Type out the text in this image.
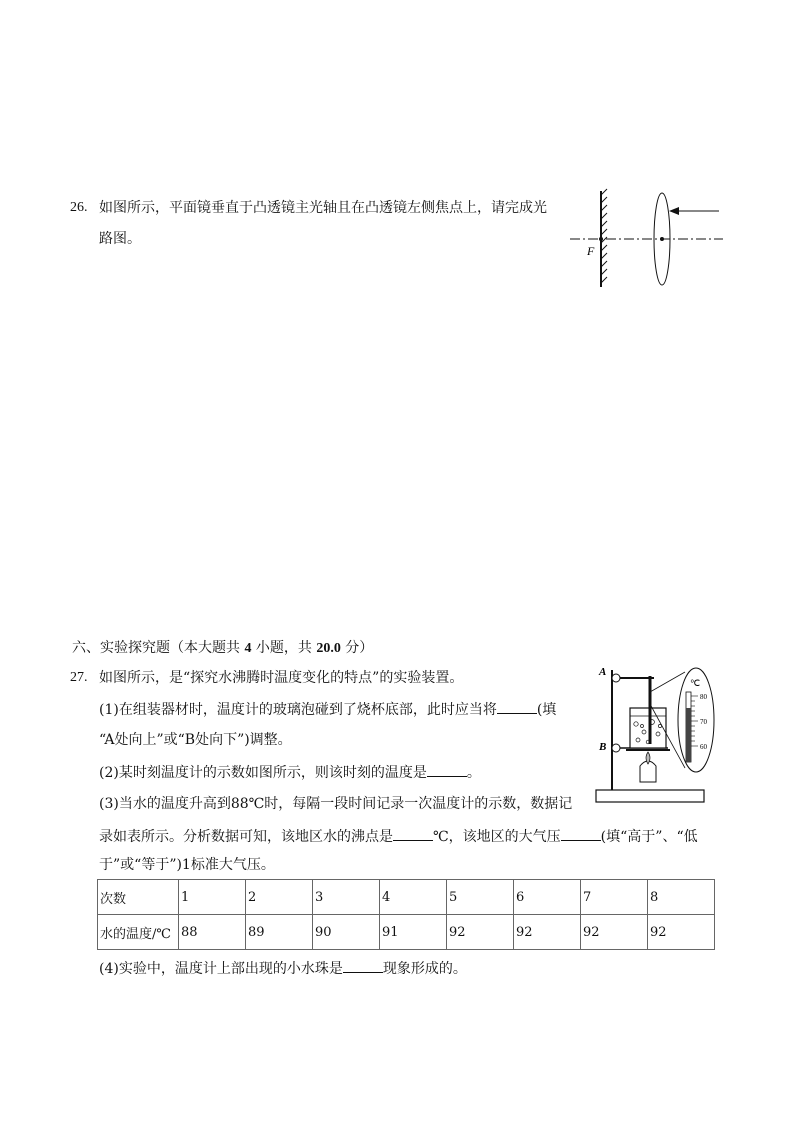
26. 如图所示，平面镜垂直于凸透镜主光轴且在凸透镜左侧焦点上，请完成光
路图。
F
六、实验探究题（本大题共 4 小题，共 20.0 分）
27. 如图所示，是“探究水沸腾时温度变化的特点”的实验装置。
(1)在组装器材时，温度计的玻璃泡碰到了烧杯底部，此时应当将	(填
“A处向上”或“B处向下”)调整。
(2)某时刻温度计的示数如图所示，则该时刻的温度是	。
(3)当水的温度升高到88℃时，每隔一段时间记录一次温度计的示数，数据记
录如表所示。分析数据可知，该地区水的沸点是	℃，该地区的大气压	(填“高于”、“低
于”或“等于”)1标准大气压。
次数	1	2	3	4	5	6	7	8
水的温度/℃	88	89	90	91	92	92	92	92
(4)实验中，温度计上部出现的小水珠是	现象形成的。
A
B
℃
80
70
60
